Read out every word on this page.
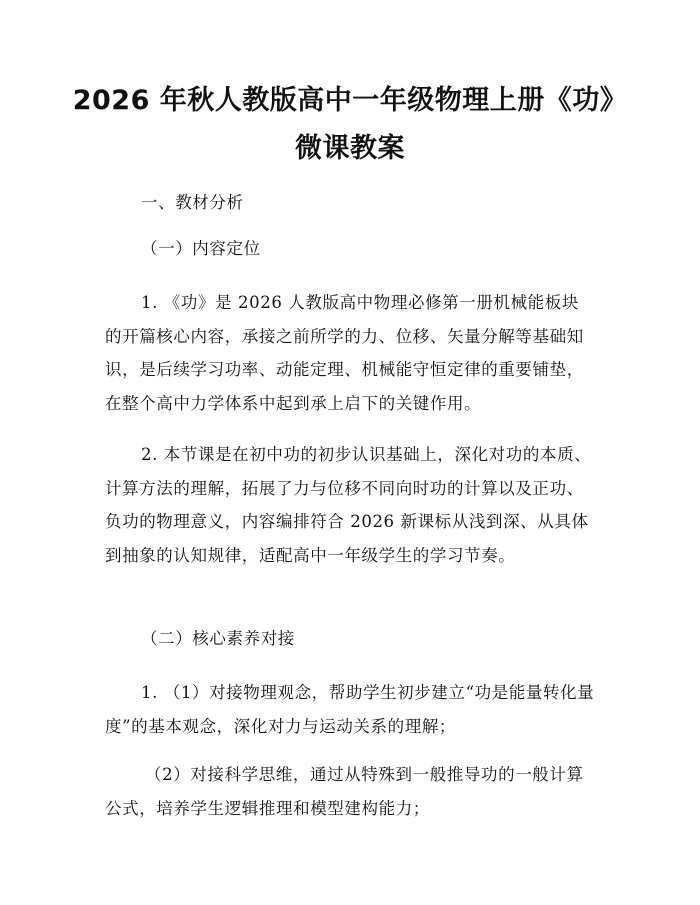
2026 年秋人教版高中一年级物理上册《功》
微课教案

一、教材分析

（一）内容定位

1. 《功》是 2026 人教版高中物理必修第一册机械能板块的开篇核心内容，承接之前所学的力、位移、矢量分解等基础知识，是后续学习功率、动能定理、机械能守恒定律的重要铺垫，在整个高中力学体系中起到承上启下的关键作用。

2. 本节课是在初中功的初步认识基础上，深化对功的本质、计算方法的理解，拓展了力与位移不同向时功的计算以及正功、负功的物理意义，内容编排符合 2026 新课标从浅到深、从具体到抽象的认知规律，适配高中一年级学生的学习节奏。

（二）核心素养对接

1. （1）对接物理观念，帮助学生初步建立“功是能量转化量度”的基本观念，深化对力与运动关系的理解；

（2）对接科学思维，通过从特殊到一般推导功的一般计算公式，培养学生逻辑推理和模型建构能力；
